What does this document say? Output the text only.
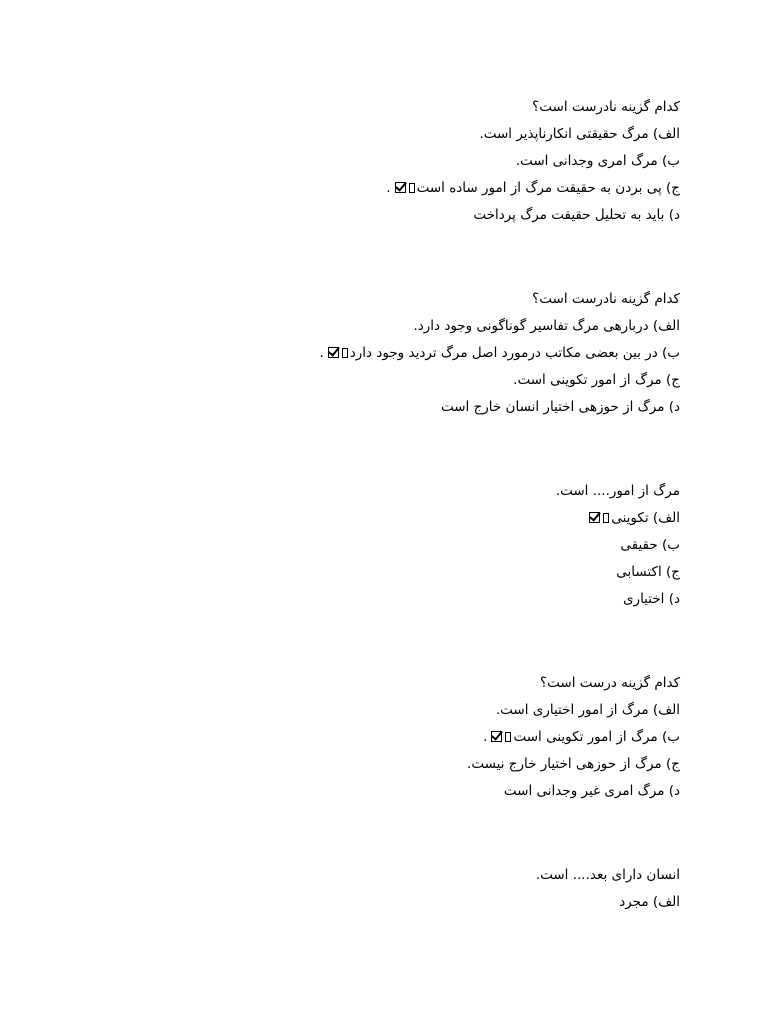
کدام گزینه نادرست است؟
الف) مرگ حقیقتی انکارناپذیر است.
ب) مرگ امری وجدانی است.
ج) پی بردن به حقیقت مرگ از امور ساده است.
د) باید به تحلیل حقیقت مرگ پرداخت
کدام گزینه نادرست است؟
الف) دربارهی مرگ تفاسیر گوناگونی وجود دارد.
ب) در بین بعضی مکاتب درمورد اصل مرگ تردید وجود دارد.
ج) مرگ از امور تکوینی است.
د) مرگ از حوزهی اختیار انسان خارج است
مرگ از امور.... است.
الف) تکوینی
ب) حقیقی
ج) اکتسابی
د) اختیاری
کدام گزینه درست است؟
الف) مرگ از امور اختیاری است.
ب) مرگ از امور تکوینی است.
ج) مرگ از حوزهی اختیار خارج نیست.
د) مرگ امری غیر وجدانی است
انسان دارای بعد.... است.
الف) مجرد
